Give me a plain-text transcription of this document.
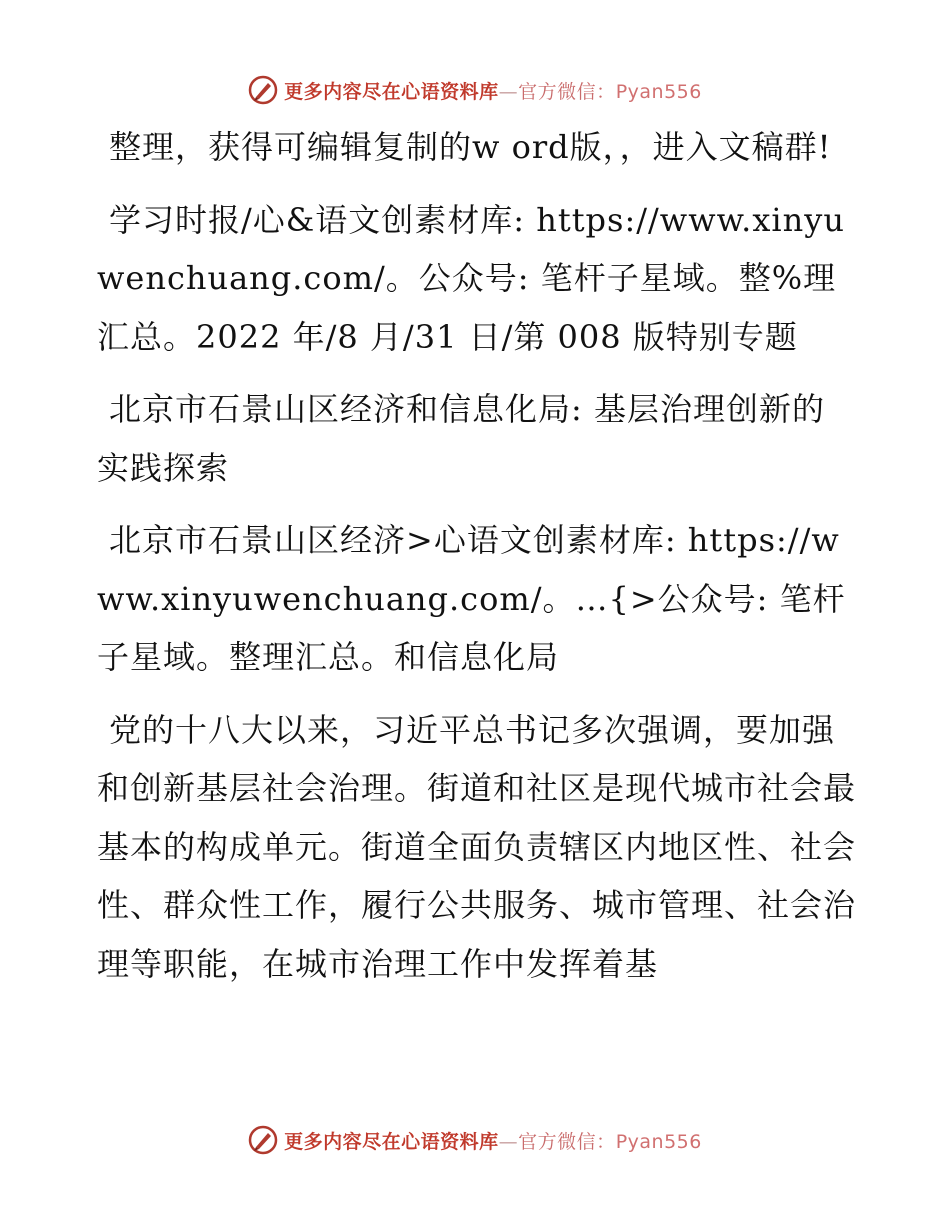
更多内容尽在心语资料库—官方微信：Pyan556

整理，获得可编辑复制的w ord版，，进入文稿群!

学习时报/心&语文创素材库: https://www.xinyuwenchuang.com/。公众号: 笔杆子星域。整%理汇总。2022 年/8 月/31 日/第 008 版特别专题

北京市石景山区经济和信息化局: 基层治理创新的实践探索

北京市石景山区经济>心语文创素材库: https://www.xinyuwenchuang.com/。…{>公众号: 笔杆子星域。整理汇总。和信息化局

党的十八大以来，习近平总书记多次强调，要加强和创新基层社会治理。街道和社区是现代城市社会最基本的构成单元。街道全面负责辖区内地区性、社会性、群众性工作，履行公共服务、城市管理、社会治理等职能，在城市治理工作中发挥着基

更多内容尽在心语资料库—官方微信：Pyan556
